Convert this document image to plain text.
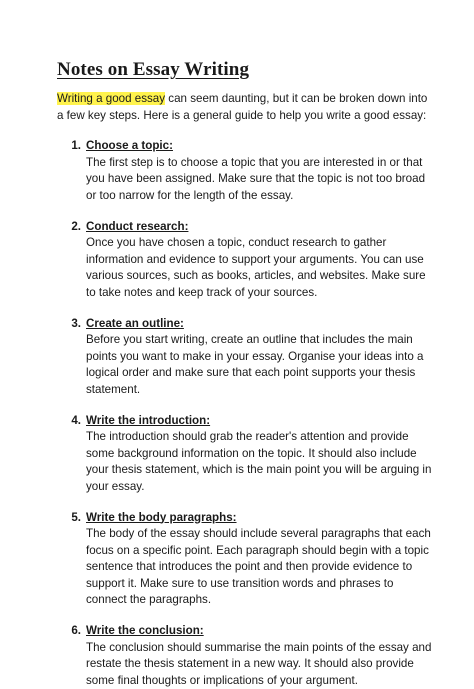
Notes on Essay Writing

Writing a good essay can seem daunting, but it can be broken down into a few key steps. Here is a general guide to help you write a good essay:

1. Choose a topic:
The first step is to choose a topic that you are interested in or that you have been assigned. Make sure that the topic is not too broad or too narrow for the length of the essay.
2. Conduct research:
Once you have chosen a topic, conduct research to gather information and evidence to support your arguments. You can use various sources, such as books, articles, and websites. Make sure to take notes and keep track of your sources.
3. Create an outline:
Before you start writing, create an outline that includes the main points you want to make in your essay. Organise your ideas into a logical order and make sure that each point supports your thesis statement.
4. Write the introduction:
The introduction should grab the reader's attention and provide some background information on the topic. It should also include your thesis statement, which is the main point you will be arguing in your essay.
5. Write the body paragraphs:
The body of the essay should include several paragraphs that each focus on a specific point. Each paragraph should begin with a topic sentence that introduces the point and then provide evidence to support it. Make sure to use transition words and phrases to connect the paragraphs.
6. Write the conclusion:
The conclusion should summarise the main points of the essay and restate the thesis statement in a new way. It should also provide some final thoughts or implications of your argument.
